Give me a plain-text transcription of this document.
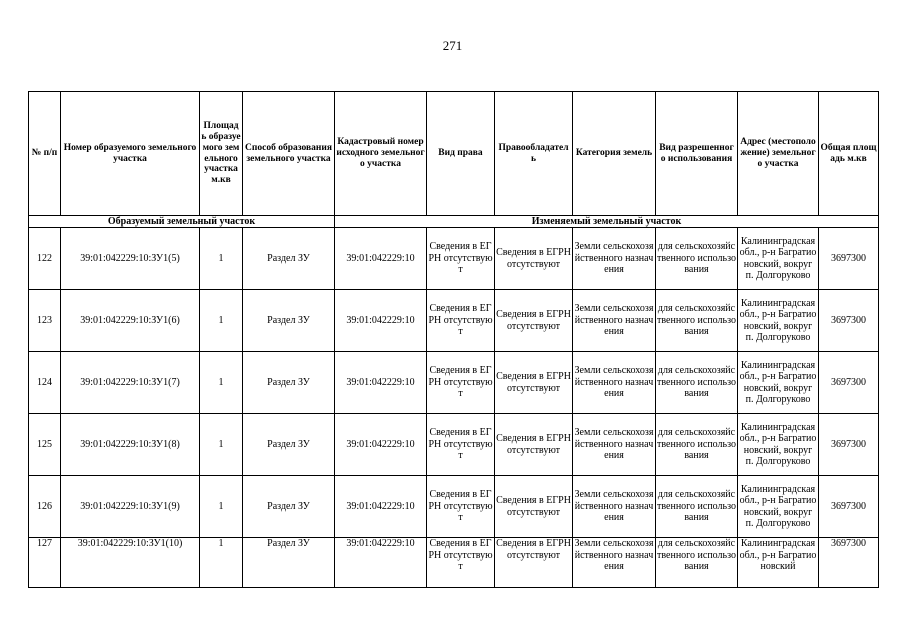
271
№ п/п	Номер образуемого земельного участка	Площадь образуемого земельного участка м.кв	Способ образования земельного участка	Кадастровый номер исходного земельного участка	Вид права	Правообладатель	Категория земель	Вид разрешенного использования	Адрес (местоположение) земельного участка	Общая площадь м.кв
Образуемый земельный участок				Изменяемый земельный участок						

122	39:01:042229:10:ЗУ1(5)	1	Раздел ЗУ	39:01:042229:10	Сведения в ЕГРН отсутствуют	Сведения в ЕГРН отсутствуют	Земли сельскохозяйственного назначения	для сельскохозяйственного использования	Калининградская обл., р-н Багратионовский, вокруг п. Долгоруково	3697300

123	39:01:042229:10:ЗУ1(6)	1	Раздел ЗУ	39:01:042229:10	Сведения в ЕГРН отсутствуют	Сведения в ЕГРН отсутствуют	Земли сельскохозяйственного назначения	для сельскохозяйственного использования	Калининградская обл., р-н Багратионовский, вокруг п. Долгоруково	3697300

124	39:01:042229:10:ЗУ1(7)	1	Раздел ЗУ	39:01:042229:10	Сведения в ЕГРН отсутствуют	Сведения в ЕГРН отсутствуют	Земли сельскохозяйственного назначения	для сельскохозяйственного использования	Калининградская обл., р-н Багратионовский, вокруг п. Долгоруково	3697300

125	39:01:042229:10:ЗУ1(8)	1	Раздел ЗУ	39:01:042229:10	Сведения в ЕГРН отсутствуют	Сведения в ЕГРН отсутствуют	Земли сельскохозяйственного назначения	для сельскохозяйственного использования	Калининградская обл., р-н Багратионовский, вокруг п. Долгоруково	3697300

126	39:01:042229:10:ЗУ1(9)	1	Раздел ЗУ	39:01:042229:10	Сведения в ЕГРН отсутствуют	Сведения в ЕГРН отсутствуют	Земли сельскохозяйственного назначения	для сельскохозяйственного использования	Калининградская обл., р-н Багратионовский, вокруг п. Долгоруково	3697300

127	39:01:042229:10:ЗУ1(10)	1	Раздел ЗУ	39:01:042229:10	Сведения в ЕГРН отсутствуют	Сведения в ЕГРН отсутствуют	Земли сельскохозяйственного назначения	для сельскохозяйственного использования	Калининградская обл., р-н Багратионовский	3697300
